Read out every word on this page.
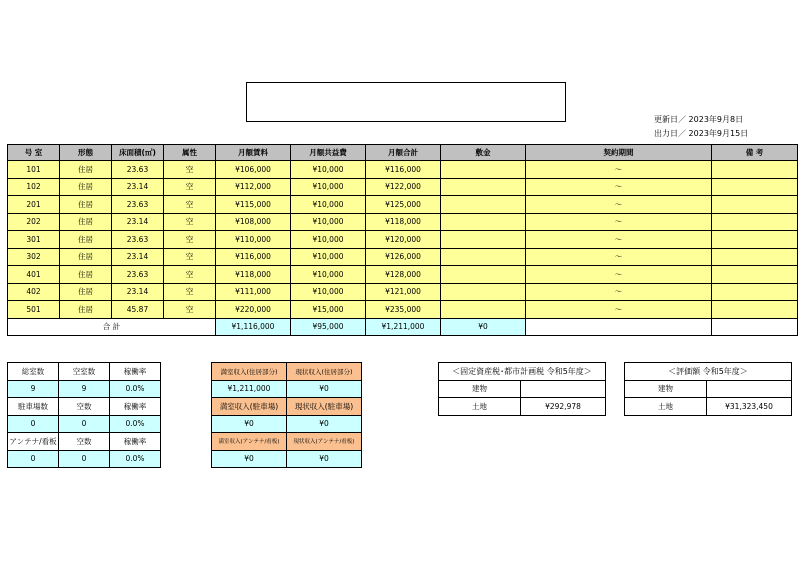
更新日／ 2023年9月8日
出力日／ 2023年9月15日
号 室	形態	床面積(㎡)	属性	月額賃料	月額共益費	月額合計	敷金	契約期間	備 考
101	住居	23.63	空	¥106,000	¥10,000	¥116,000		～	
102	住居	23.14	空	¥112,000	¥10,000	¥122,000		～	
201	住居	23.63	空	¥115,000	¥10,000	¥125,000		～	
202	住居	23.14	空	¥108,000	¥10,000	¥118,000		～	
301	住居	23.63	空	¥110,000	¥10,000	¥120,000		～	
302	住居	23.14	空	¥116,000	¥10,000	¥126,000		～	
401	住居	23.63	空	¥118,000	¥10,000	¥128,000		～	
402	住居	23.14	空	¥111,000	¥10,000	¥121,000		～	
501	住居	45.87	空	¥220,000	¥15,000	¥235,000		～	
合 計				¥1,116,000	¥95,000	¥1,211,000	¥0		
総室数	空室数	稼働率
9	9	0.0%
駐車場数	空数	稼働率
0	0	0.0%
アンテナ/看板	空数	稼働率
0	0	0.0%
満室収入(住居部分)	現状収入(住居部分)
¥1,211,000	¥0
満室収入(駐車場)	現状収入(駐車場)
¥0	¥0
満室収入(アンテナ/看板)	現状収入(アンテナ/看板)
¥0	¥0
＜固定資産税･都市計画税 令和5年度＞	
建物	
土地	¥292,978
＜評価額 令和5年度＞	
建物	
土地	¥31,323,450
